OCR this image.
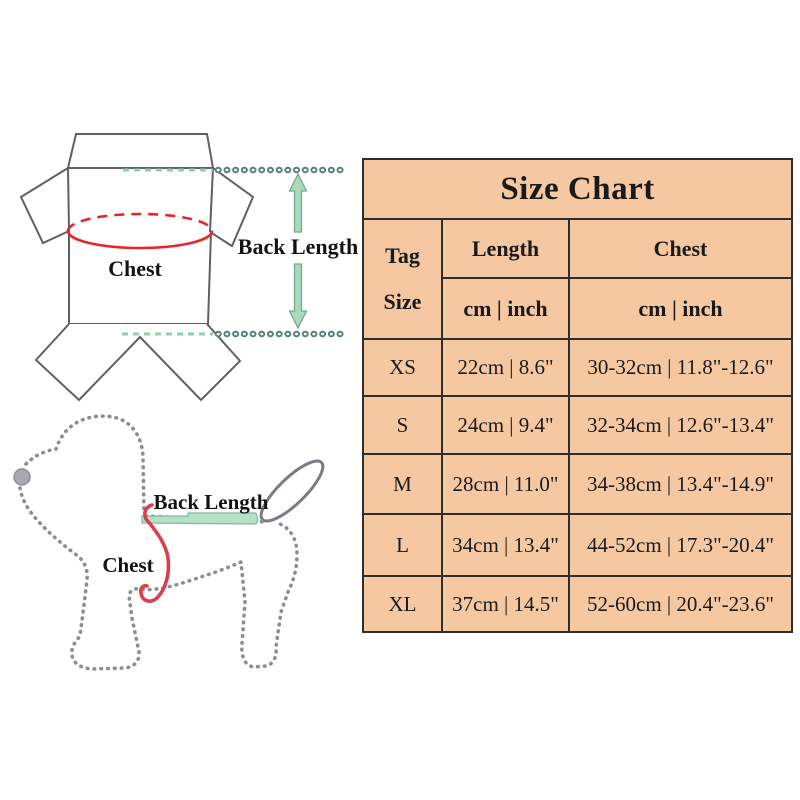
Chest
Back Length
Back Length
Chest
Size Chart		

Tag
Size	Length	Chest
	cm | inch	cm | inch
XS	22cm | 8.6"	30-32cm | 11.8"-12.6"
S	24cm | 9.4"	32-34cm | 12.6"-13.4"
M	28cm | 11.0"	34-38cm | 13.4"-14.9"
L	34cm | 13.4"	44-52cm | 17.3"-20.4"
XL	37cm | 14.5"	52-60cm | 20.4"-23.6"
